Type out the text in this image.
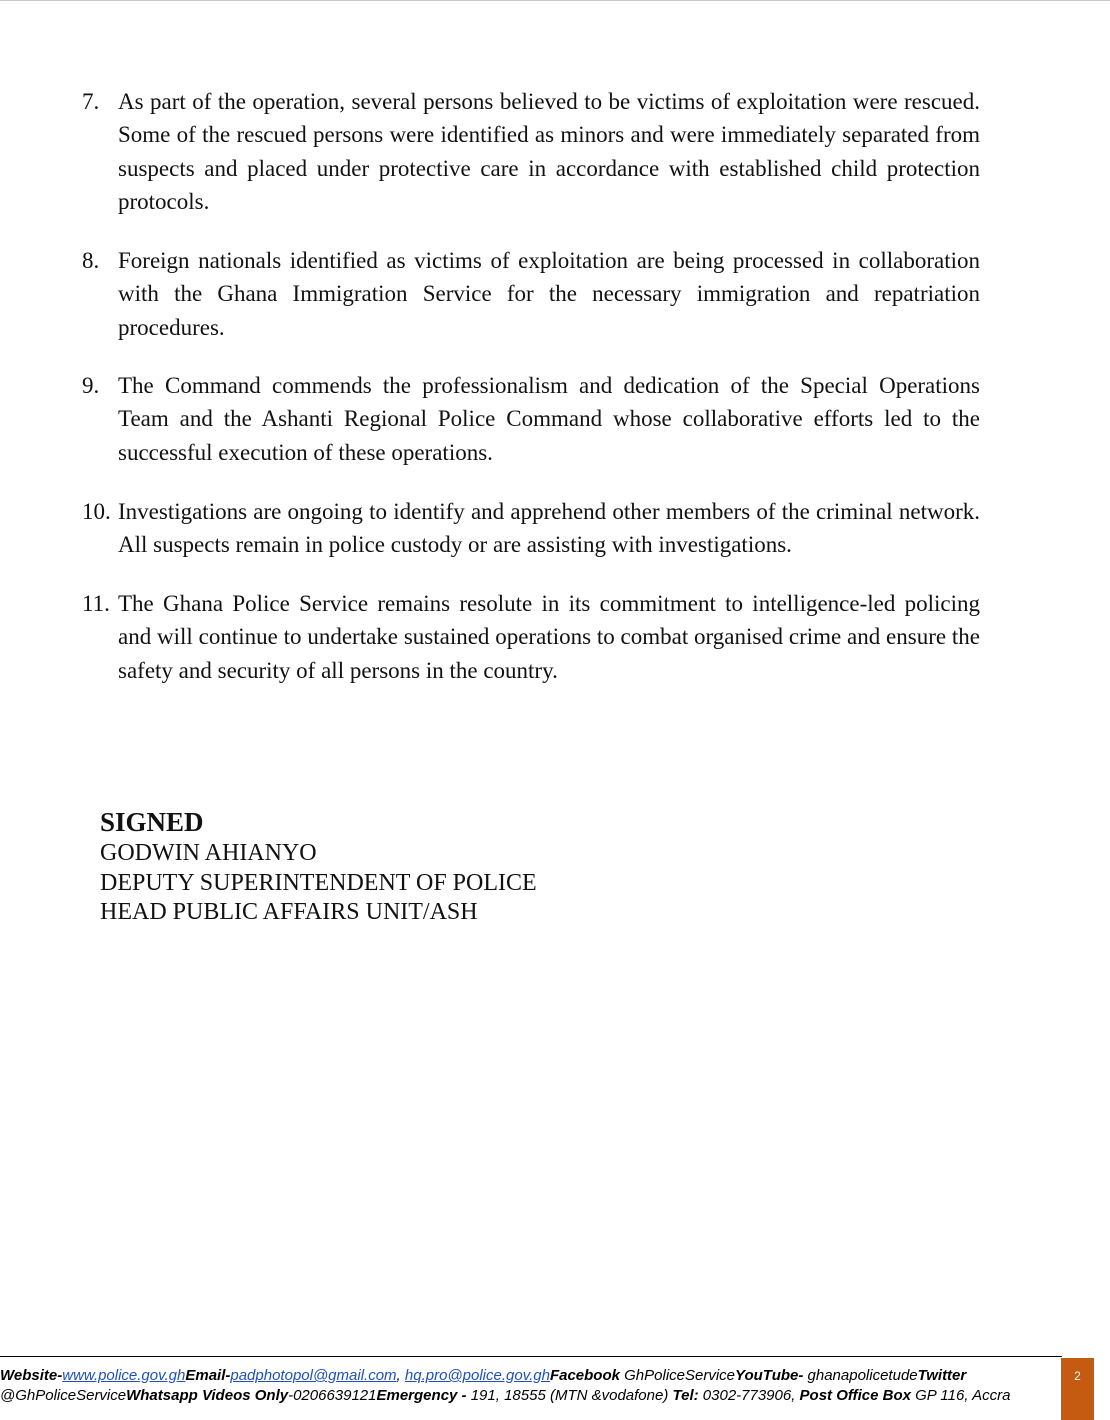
7. As part of the operation, several persons believed to be victims of exploitation were rescued. Some of the rescued persons were identified as minors and were immediately separated from suspects and placed under protective care in accordance with established child protection protocols.
8. Foreign nationals identified as victims of exploitation are being processed in collaboration with the Ghana Immigration Service for the necessary immigration and repatriation procedures.
9. The Command commends the professionalism and dedication of the Special Operations Team and the Ashanti Regional Police Command whose collaborative efforts led to the successful execution of these operations.
10. Investigations are ongoing to identify and apprehend other members of the criminal network. All suspects remain in police custody or are assisting with investigations.
11. The Ghana Police Service remains resolute in its commitment to intelligence-led policing and will continue to undertake sustained operations to combat organised crime and ensure the safety and security of all persons in the country.
SIGNED
GODWIN AHIANYO
DEPUTY SUPERINTENDENT OF POLICE
HEAD PUBLIC AFFAIRS UNIT/ASH
Website-www.police.gov.ghEmail-padphotopol@gmail.com, hq.pro@police.gov.ghFacebook GhPoliceServiceYouTube- ghanapolicetudeTwitter @GhPoliceServiceWhatsapp Videos Only-0206639121Emergency - 191, 18555 (MTN &vodafone) Tel: 0302-773906, Post Office Box GP 116, Accra
2
